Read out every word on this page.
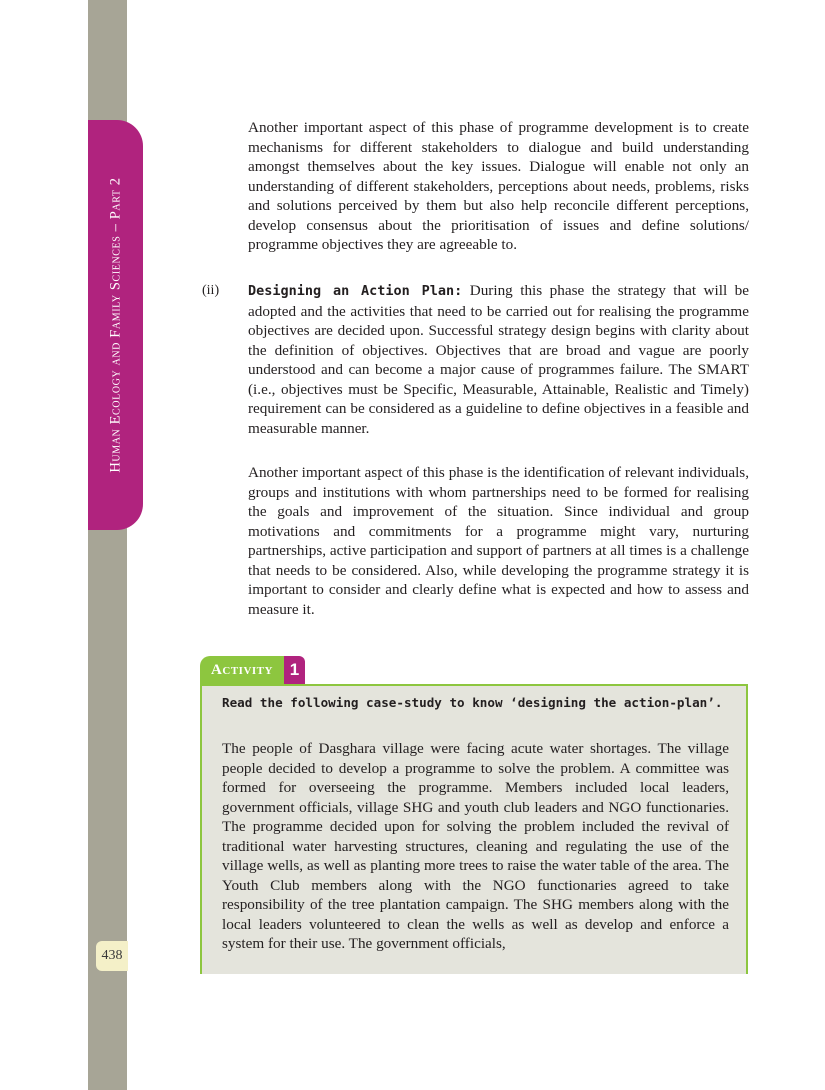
Human Ecology and Family Sciences – Part 2
438

Another important aspect of this phase of programme development is to create mechanisms for different stakeholders to dialogue and build understanding amongst themselves about the key issues. Dialogue will enable not only an understanding of different stakeholders, perceptions about needs, problems, risks and solutions perceived by them but also help reconcile different perceptions, develop consensus about the prioritisation of issues and define solutions/ programme objectives they are agreeable to.

(ii) Designing an Action Plan: During this phase the strategy that will be adopted and the activities that need to be carried out for realising the programme objectives are decided upon. Successful strategy design begins with clarity about the definition of objectives. Objectives that are broad and vague are poorly understood and can become a major cause of programmes failure. The SMART (i.e., objectives must be Specific, Measurable, Attainable, Realistic and Timely) requirement can be considered as a guideline to define objectives in a feasible and measurable manner.

Another important aspect of this phase is the identification of relevant individuals, groups and institutions with whom partnerships need to be formed for realising the goals and improvement of the situation. Since individual and group motivations and commitments for a programme might vary, nurturing partnerships, active participation and support of partners at all times is a challenge that needs to be considered. Also, while developing the programme strategy it is important to consider and clearly define what is expected and how to assess and measure it.

Activity 1

Read the following case-study to know ‘designing the action-plan’.

The people of Dasghara village were facing acute water shortages. The village people decided to develop a programme to solve the problem. A committee was formed for overseeing the programme. Members included local leaders, government officials, village SHG and youth club leaders and NGO functionaries. The programme decided upon for solving the problem included the revival of traditional water harvesting structures, cleaning and regulating the use of the village wells, as well as planting more trees to raise the water table of the area. The Youth Club members along with the NGO functionaries agreed to take responsibility of the tree plantation campaign. The SHG members along with the local leaders volunteered to clean the wells as well as develop and enforce a system for their use. The government officials,
